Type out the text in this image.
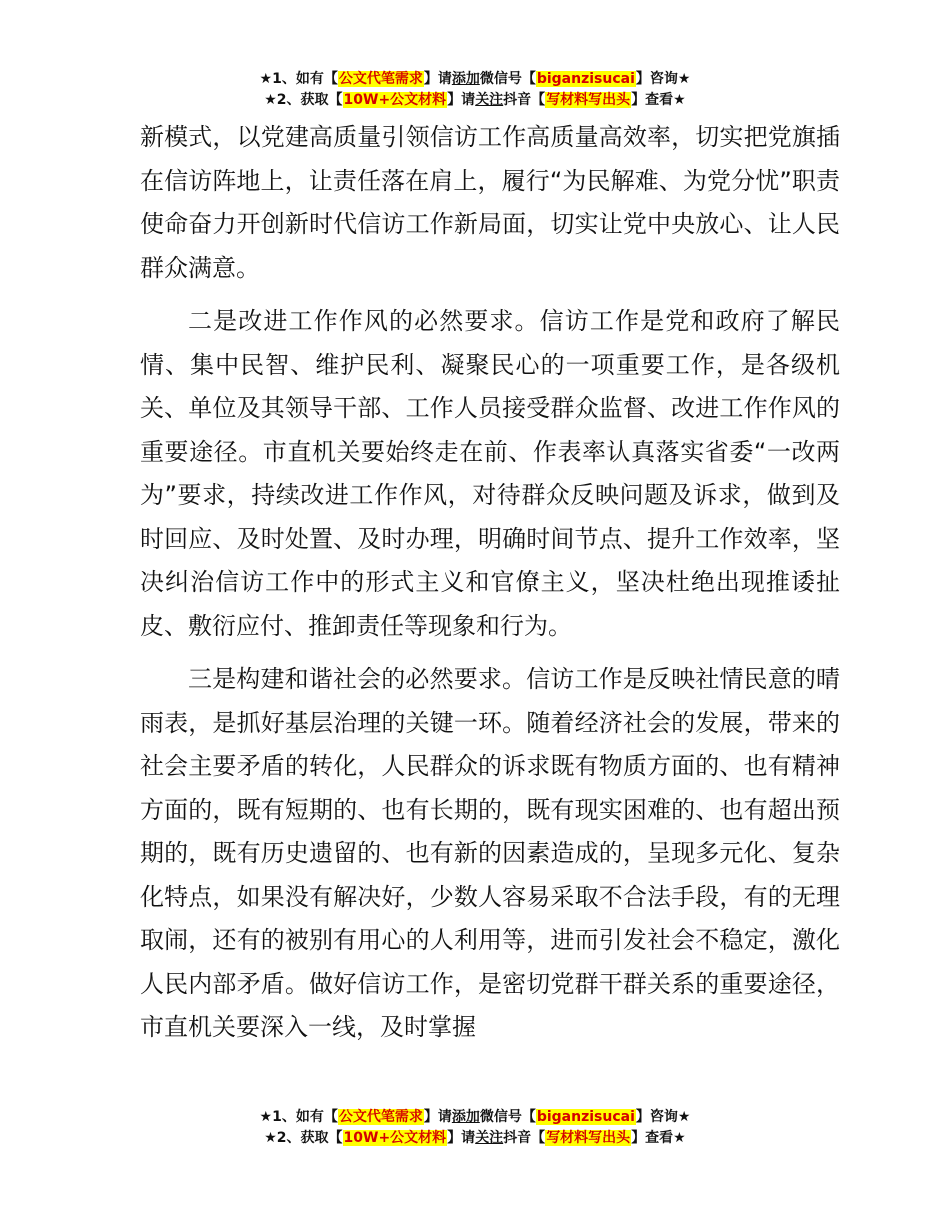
★1、如有【公文代笔需求】请添加微信号【biganzisucai】咨询★
★2、获取【10W+公文材料】请关注抖音【写材料写出头】查看★

新模式，以党建高质量引领信访工作高质量高效率，切实把党旗插在信访阵地上，让责任落在肩上，履行“为民解难、为党分忧”职责使命奋力开创新时代信访工作新局面，切实让党中央放心、让人民群众满意。

二是改进工作作风的必然要求。信访工作是党和政府了解民情、集中民智、维护民利、凝聚民心的一项重要工作，是各级机关、单位及其领导干部、工作人员接受群众监督、改进工作作风的重要途径。市直机关要始终走在前、作表率认真落实省委“一改两为”要求，持续改进工作作风，对待群众反映问题及诉求，做到及时回应、及时处置、及时办理，明确时间节点、提升工作效率，坚决纠治信访工作中的形式主义和官僚主义，坚决杜绝出现推诿扯皮、敷衍应付、推卸责任等现象和行为。

三是构建和谐社会的必然要求。信访工作是反映社情民意的晴雨表，是抓好基层治理的关键一环。随着经济社会的发展，带来的社会主要矛盾的转化，人民群众的诉求既有物质方面的、也有精神方面的，既有短期的、也有长期的，既有现实困难的、也有超出预期的，既有历史遗留的、也有新的因素造成的，呈现多元化、复杂化特点，如果没有解决好，少数人容易采取不合法手段，有的无理取闹，还有的被别有用心的人利用等，进而引发社会不稳定，激化人民内部矛盾。做好信访工作，是密切党群干群关系的重要途径，市直机关要深入一线，及时掌握

★1、如有【公文代笔需求】请添加微信号【biganzisucai】咨询★
★2、获取【10W+公文材料】请关注抖音【写材料写出头】查看★
